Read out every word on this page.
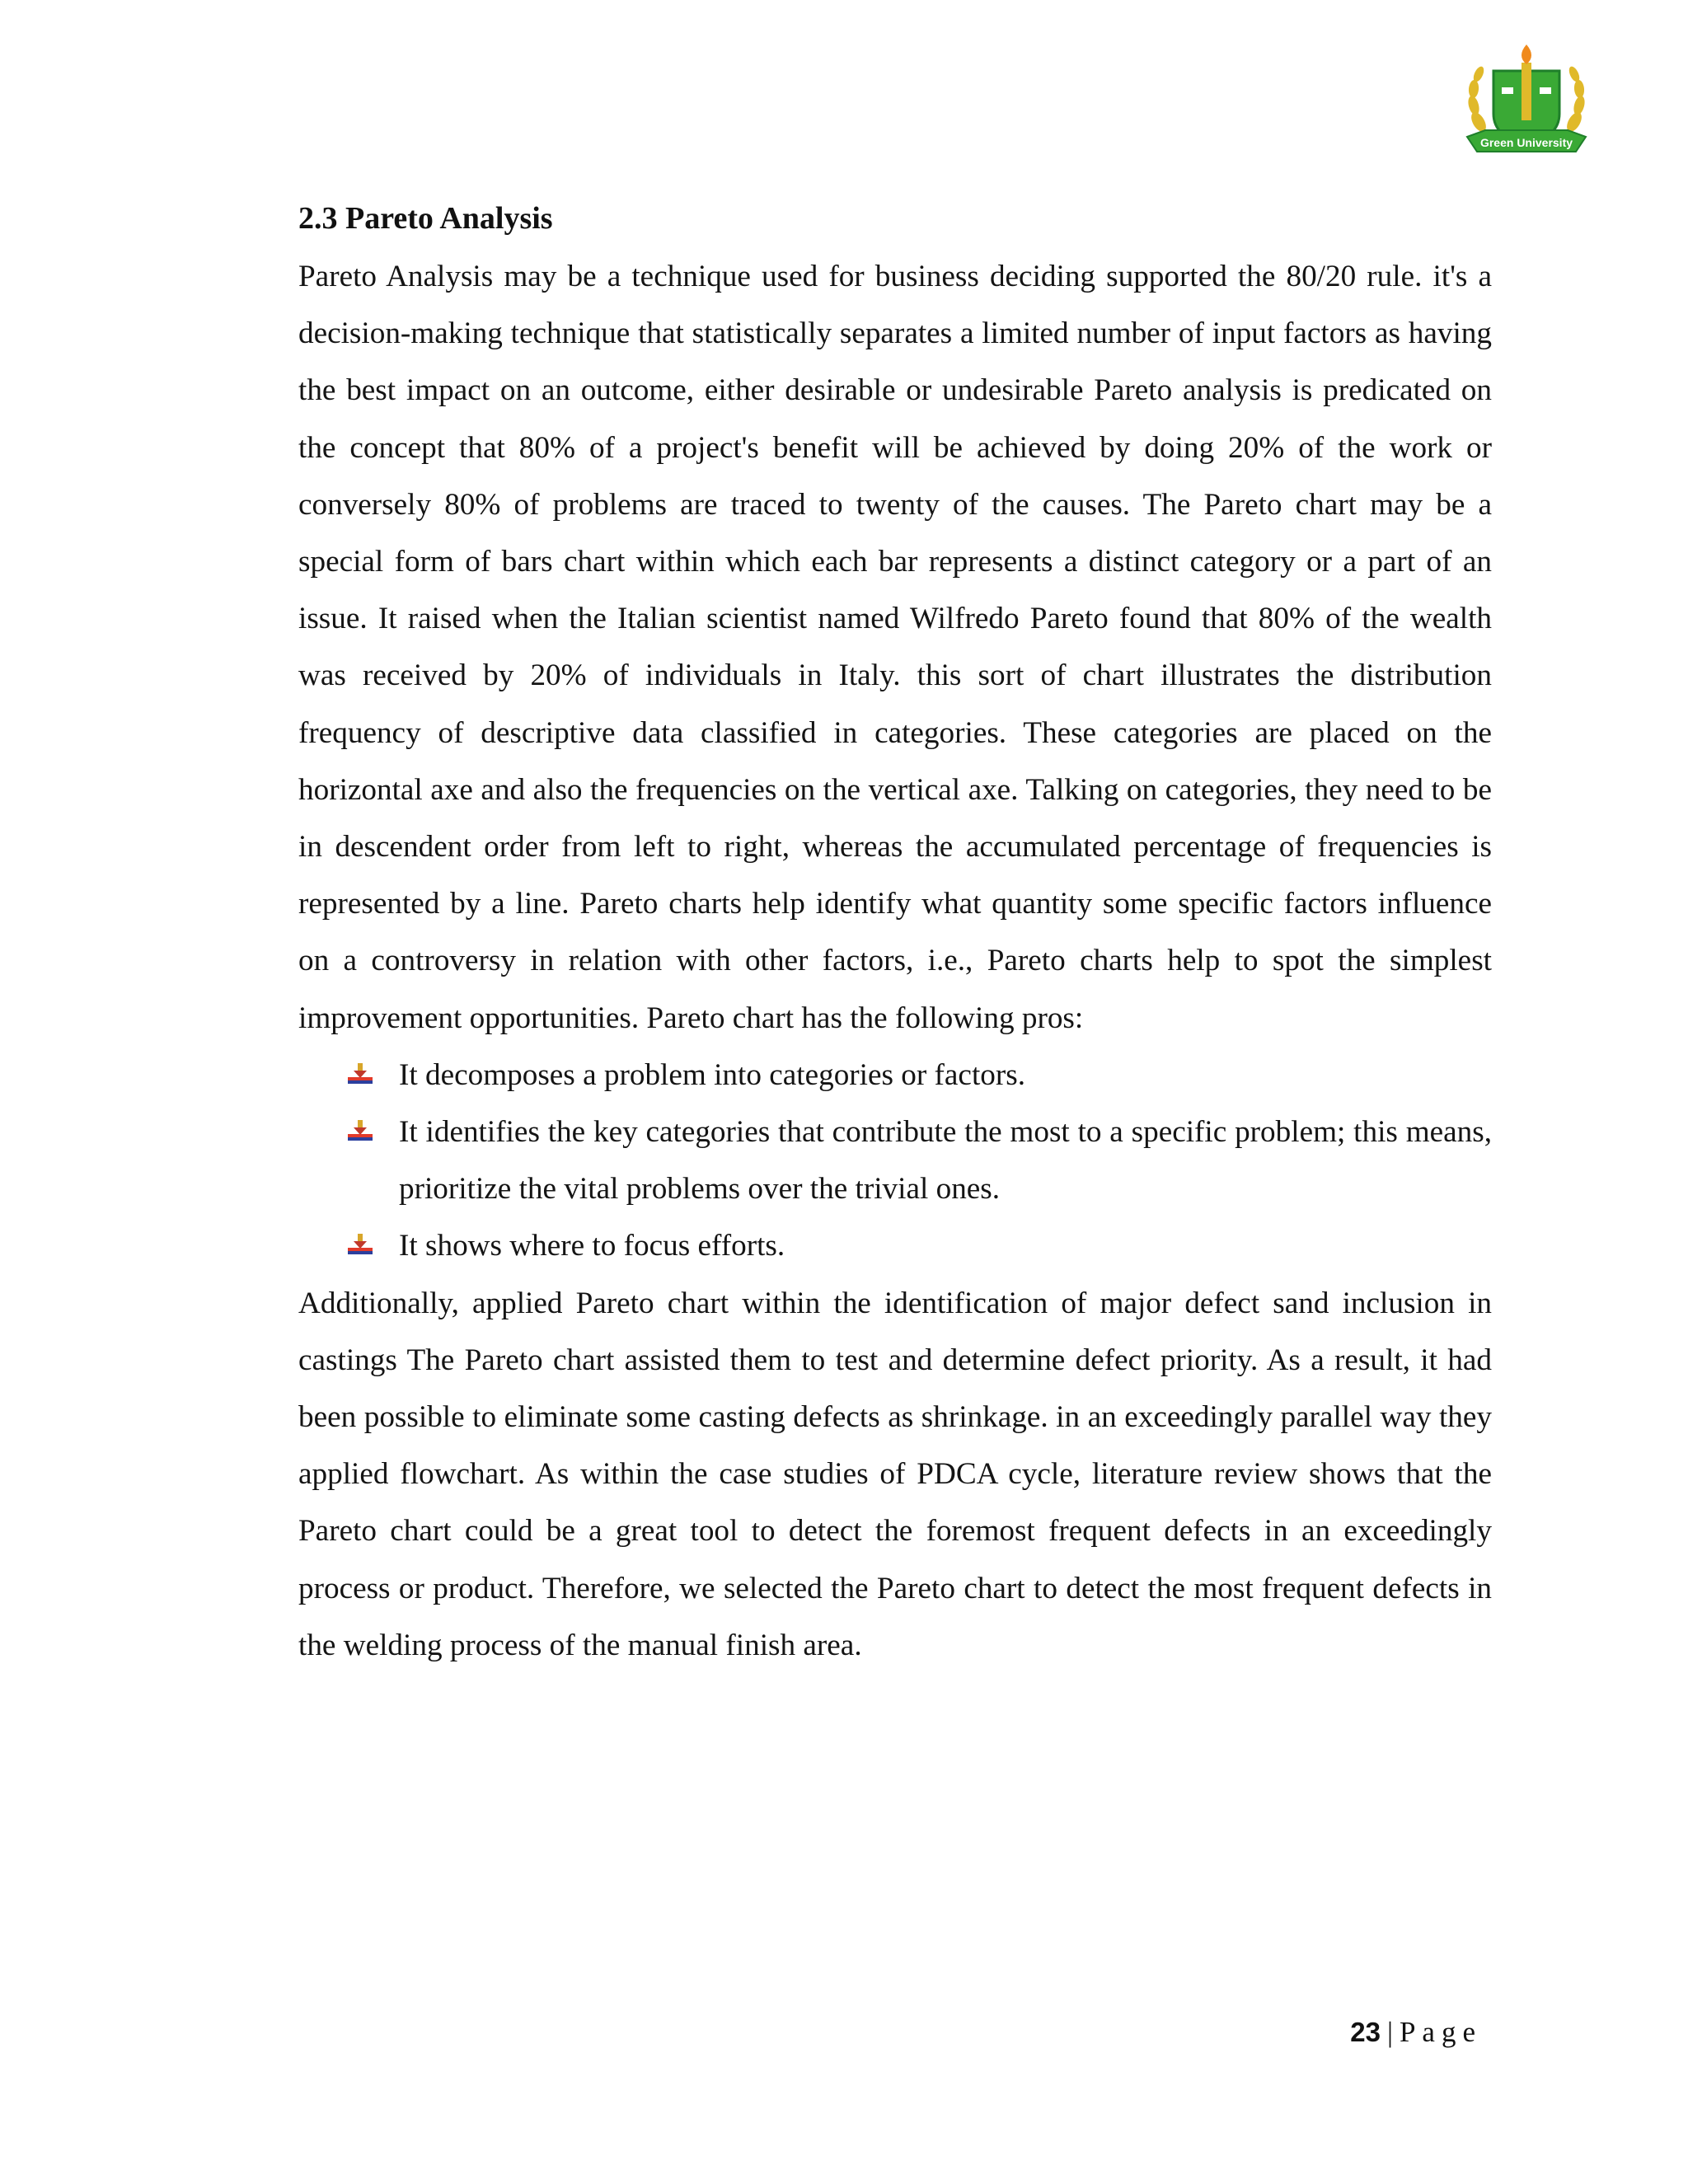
Green University
2.3 Pareto Analysis

Pareto Analysis may be a technique used for business deciding supported the 80/20 rule. it's a decision-making technique that statistically separates a limited number of input factors as having the best impact on an outcome, either desirable or undesirable Pareto analysis is predicated on the concept that 80% of a project's benefit will be achieved by doing 20% of the work or conversely 80% of problems are traced to twenty of the causes. The Pareto chart may be a special form of bars chart within which each bar represents a distinct category or a part of an issue. It raised when the Italian scientist named Wilfredo Pareto found that 80% of the wealth was received by 20% of individuals in Italy. this sort of chart illustrates the distribution frequency of descriptive data classified in categories. These categories are placed on the horizontal axe and also the frequencies on the vertical axe. Talking on categories, they need to be in descendent order from left to right, whereas the accumulated percentage of frequencies is represented by a line. Pareto charts help identify what quantity some specific factors influence on a controversy in relation with other factors, i.e., Pareto charts help to spot the simplest improvement opportunities. Pareto chart has the following pros:

It decomposes a problem into categories or factors.
It identifies the key categories that contribute the most to a specific problem; this means, prioritize the vital problems over the trivial ones.
It shows where to focus efforts.

Additionally, applied Pareto chart within the identification of major defect sand inclusion in castings The Pareto chart assisted them to test and determine defect priority. As a result, it had been possible to eliminate some casting defects as shrinkage. in an exceedingly parallel way they applied flowchart. As within the case studies of PDCA cycle, literature review shows that the Pareto chart could be a great tool to detect the foremost frequent defects in an exceedingly process or product. Therefore, we selected the Pareto chart to detect the most frequent defects in the welding process of the manual finish area.

23 | Page
